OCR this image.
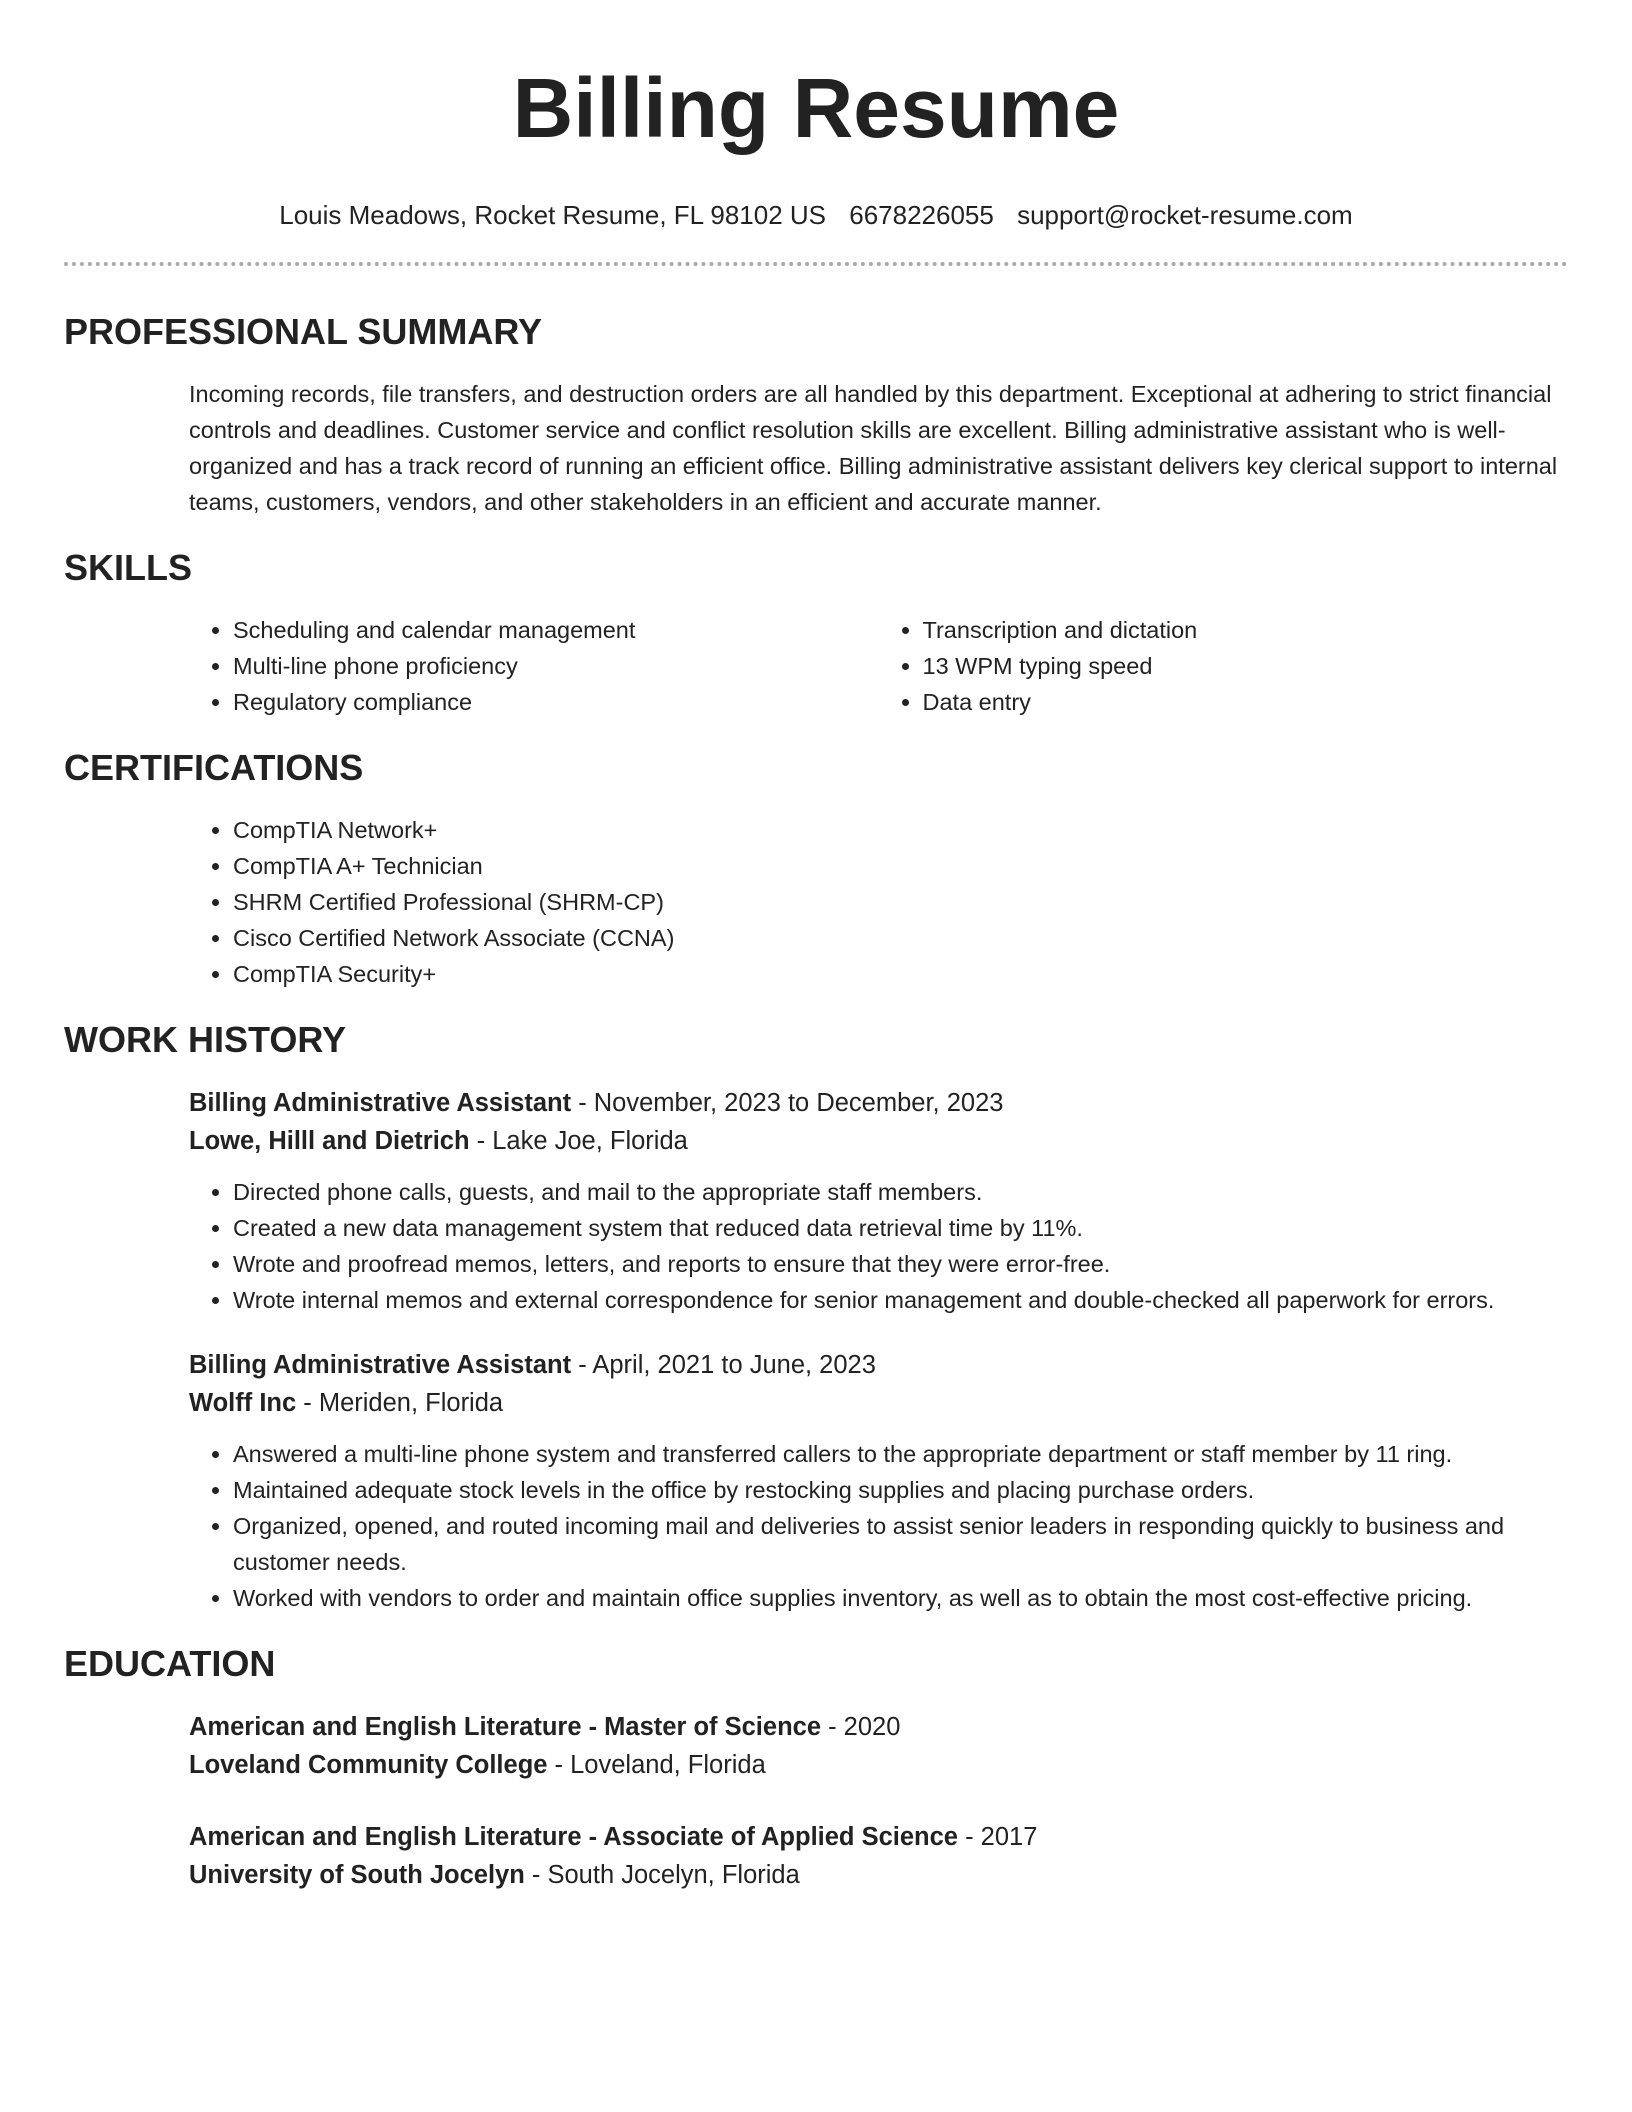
Billing Resume
Louis Meadows, Rocket Resume, FL 98102 US 6678226055 support@rocket-resume.com
PROFESSIONAL SUMMARY

Incoming records, file transfers, and destruction orders are all handled by this department. Exceptional at adhering to strict financial controls and deadlines. Customer service and conflict resolution skills are excellent. Billing administrative assistant who is well-organized and has a track record of running an efficient office. Billing administrative assistant delivers key clerical support to internal teams, customers, vendors, and other stakeholders in an efficient and accurate manner.

SKILLS
• Scheduling and calendar management
• Multi-line phone proficiency
• Regulatory compliance
• Transcription and dictation
• 13 WPM typing speed
• Data entry
CERTIFICATIONS
• CompTIA Network+
• CompTIA A+ Technician
• SHRM Certified Professional (SHRM-CP)
• Cisco Certified Network Associate (CCNA)
• CompTIA Security+
WORK HISTORY
Billing Administrative Assistant - November, 2023 to December, 2023
Lowe, Hilll and Dietrich - Lake Joe, Florida
• Directed phone calls, guests, and mail to the appropriate staff members.
• Created a new data management system that reduced data retrieval time by 11%.
• Wrote and proofread memos, letters, and reports to ensure that they were error-free.
• Wrote internal memos and external correspondence for senior management and double-checked all paperwork for errors.
Billing Administrative Assistant - April, 2021 to June, 2023
Wolff Inc - Meriden, Florida
• Answered a multi-line phone system and transferred callers to the appropriate department or staff member by 11 ring.
• Maintained adequate stock levels in the office by restocking supplies and placing purchase orders.
• Organized, opened, and routed incoming mail and deliveries to assist senior leaders in responding quickly to business and customer needs.
• Worked with vendors to order and maintain office supplies inventory, as well as to obtain the most cost-effective pricing.
EDUCATION
American and English Literature - Master of Science - 2020
Loveland Community College - Loveland, Florida
American and English Literature - Associate of Applied Science - 2017
University of South Jocelyn - South Jocelyn, Florida
